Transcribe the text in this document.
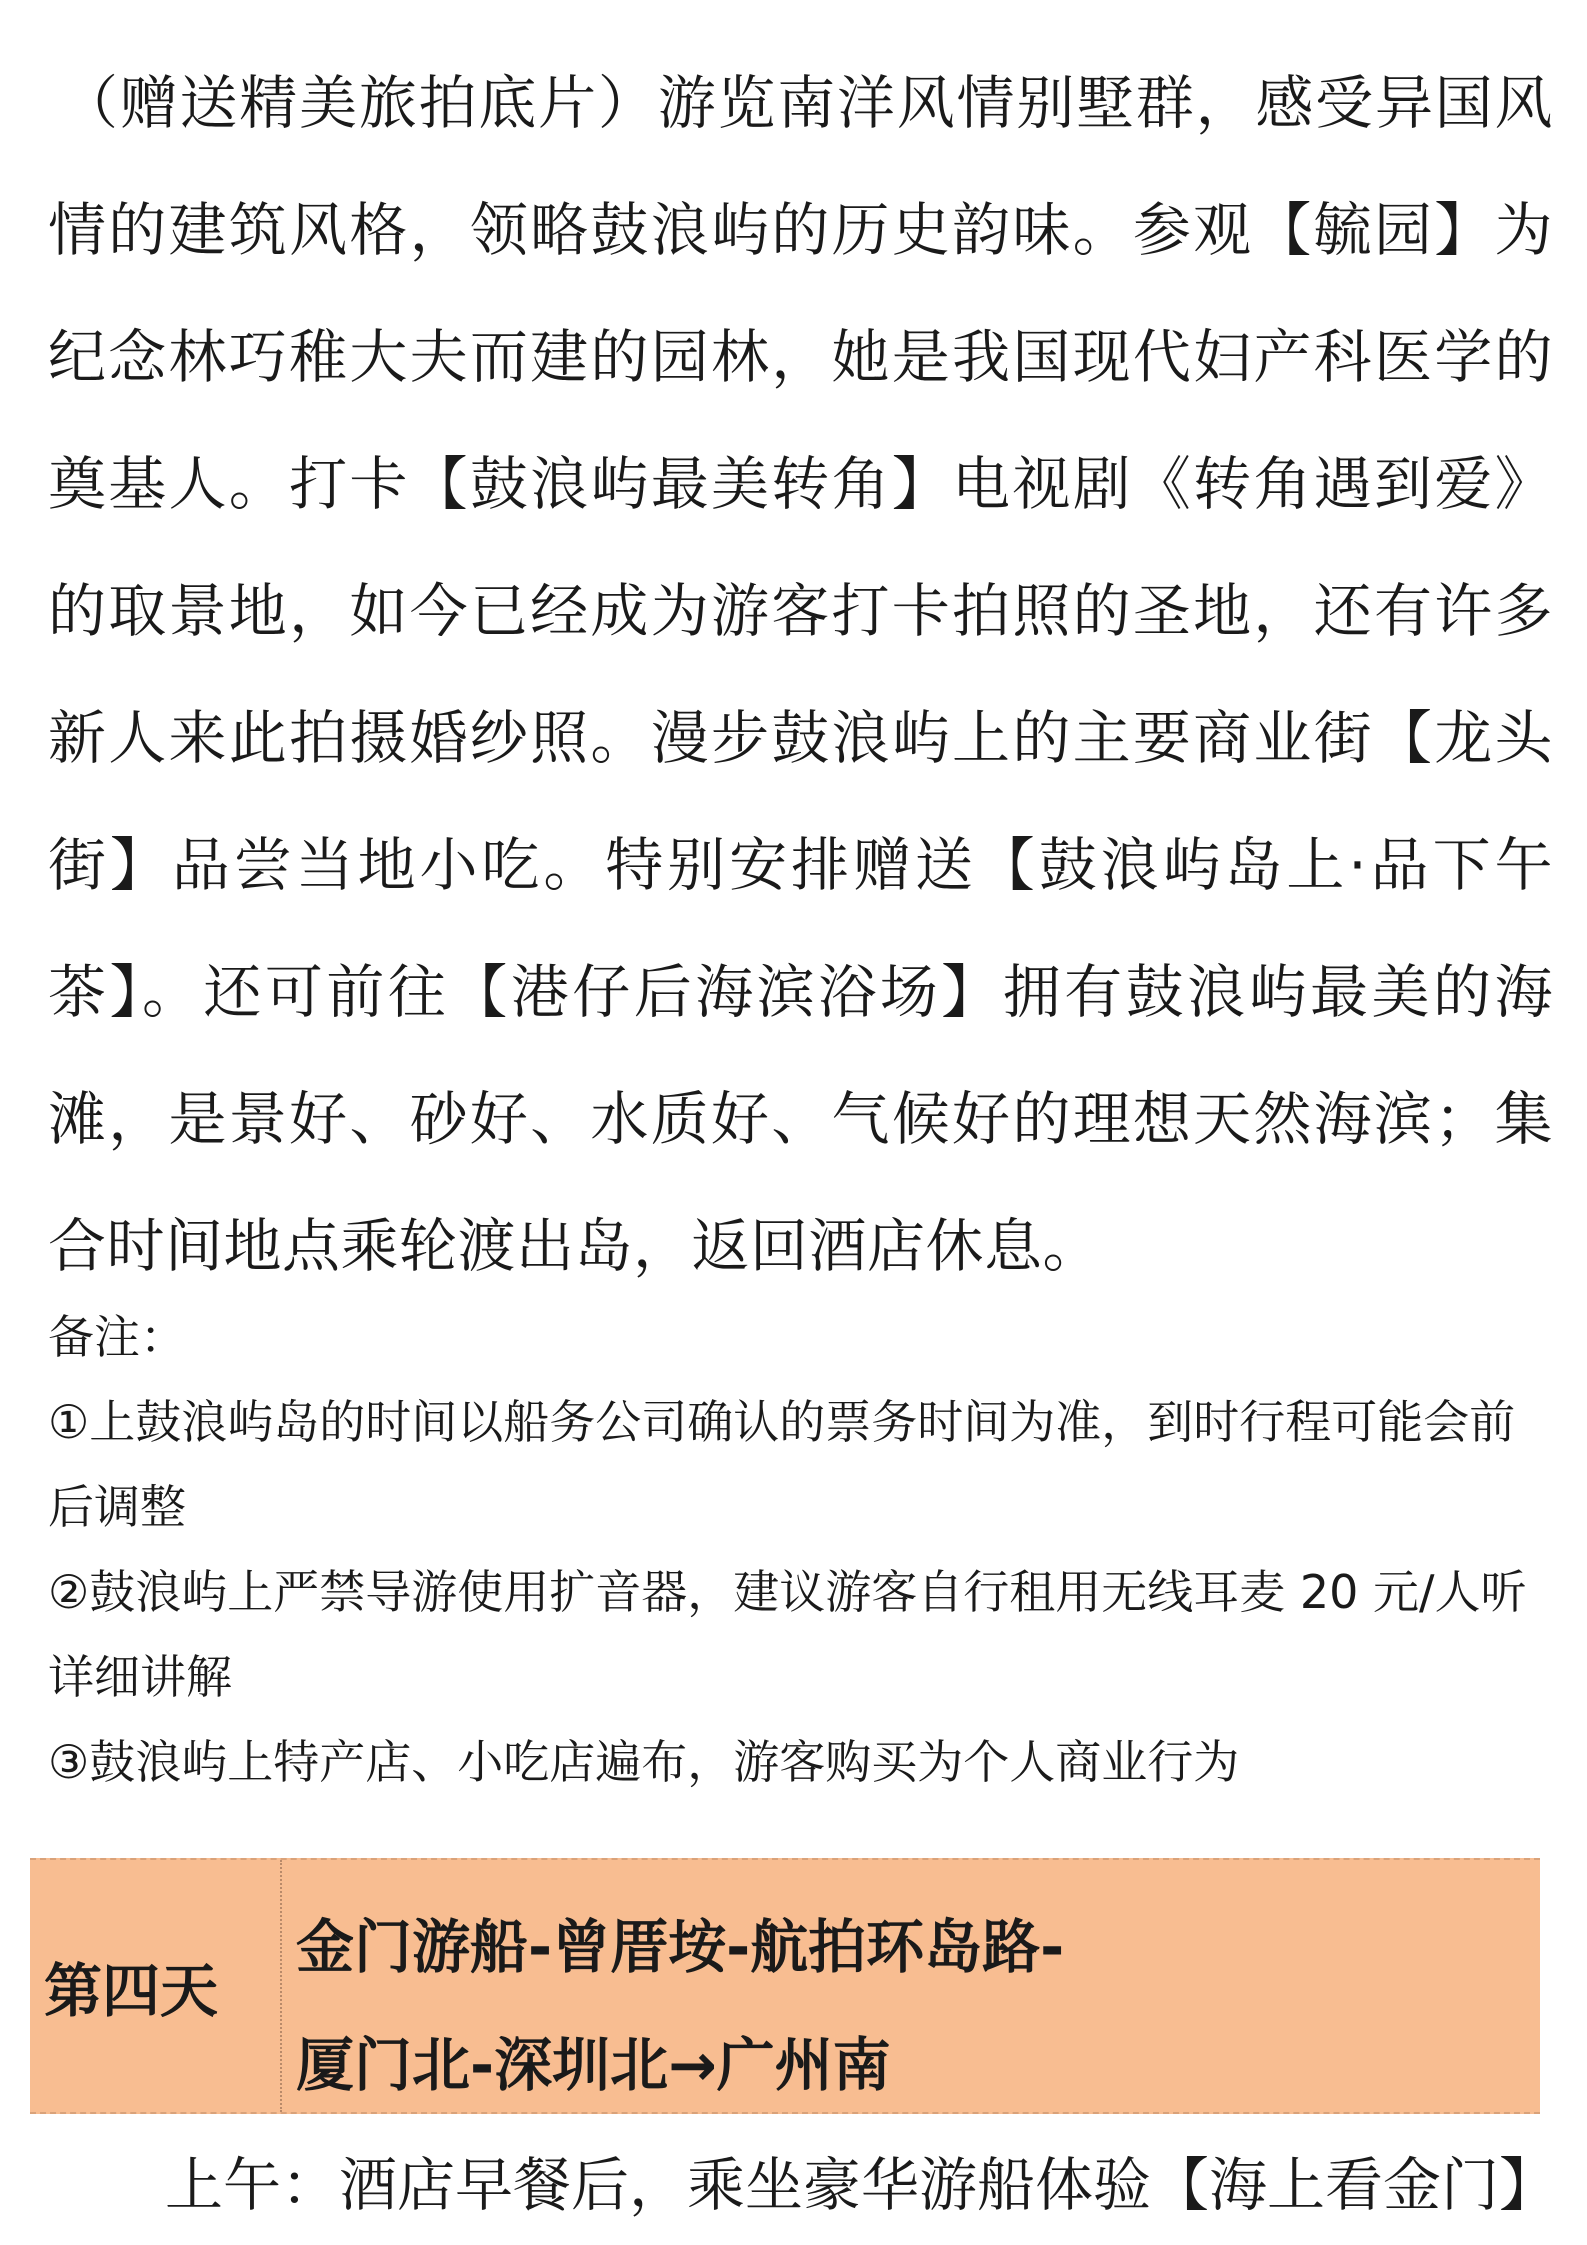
（赠送精美旅拍底片）游览南洋风情别墅群，感受异国风情的建筑风格，领略鼓浪屿的历史韵味。参观【毓园】为纪念林巧稚大夫而建的园林，她是我国现代妇产科医学的奠基人。打卡【鼓浪屿最美转角】电视剧《转角遇到爱》的取景地，如今已经成为游客打卡拍照的圣地，还有许多新人来此拍摄婚纱照。漫步鼓浪屿上的主要商业街【龙头街】品尝当地小吃。特别安排赠送【鼓浪屿岛上·品下午茶】。还可前往【港仔后海滨浴场】拥有鼓浪屿最美的海滩，是景好、砂好、水质好、气候好的理想天然海滨；集合时间地点乘轮渡出岛，返回酒店休息。

备注：
①上鼓浪屿岛的时间以船务公司确认的票务时间为准，到时行程可能会前后调整
②鼓浪屿上严禁导游使用扩音器，建议游客自行租用无线耳麦 20 元/人听详细讲解
③鼓浪屿上特产店、小吃店遍布，游客购买为个人商业行为
第四天
金门游船-曾厝垵-航拍环岛路-
厦门北-深圳北→广州南
上午：酒店早餐后，乘坐豪华游船体验【海上看金门】
